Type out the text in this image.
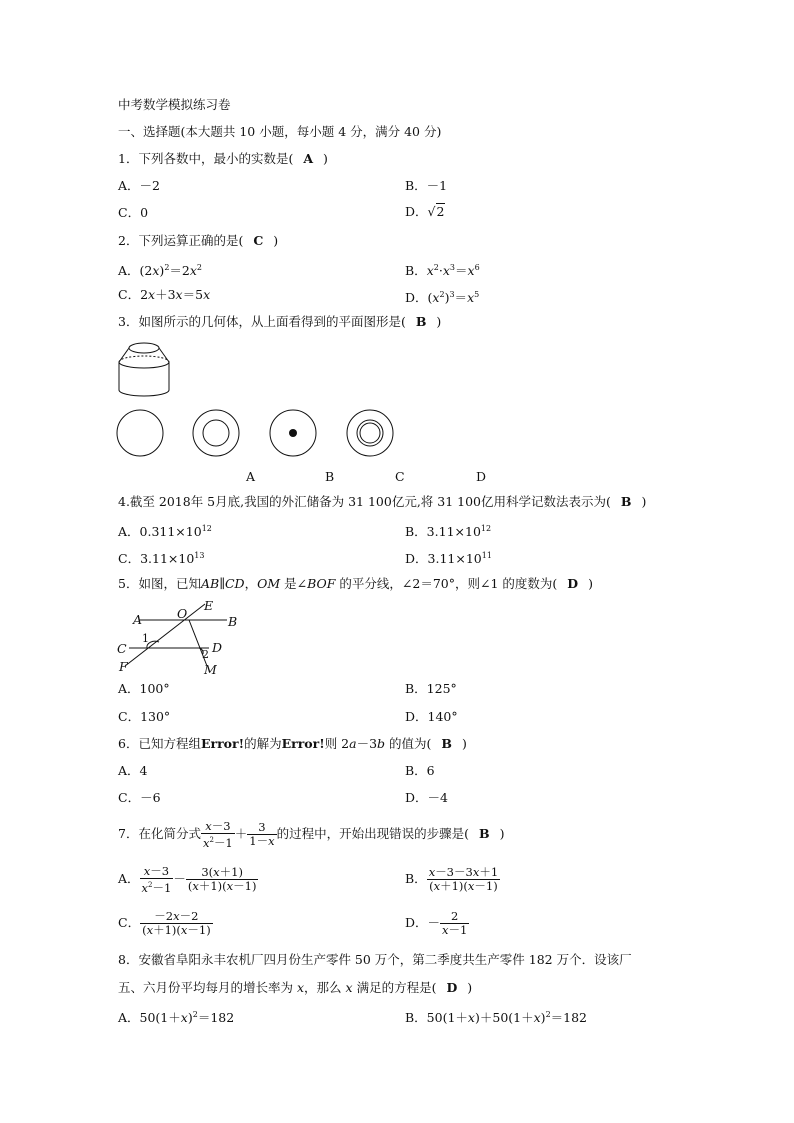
中考数学模拟练习卷
一、选择题(本大题共 10 小题，每小题 4 分，满分 40 分)
1．下列各数中，最小的实数是( A )
A．－2	B．－1
C．0	D．√2
2．下列运算正确的是( C )
A．$(2x)^2=2x^2$	B．$x^2\cdot x^3=x^6$
C．2x＋3x＝5x	D．$(x^2)^3=x^5$
3．如图所示的几何体，从上面看得到的平面图形是( B )
A	B	C	D
4.截至 2018年 5月底,我国的外汇储备为 31 100亿元,将 31 100亿用科学记数法表示为( B )
A．$0.311\times 10^{12}$	B．$3.11\times 10^{12}$
C．$3.11\times 10^{13}$	D．$3.11\times 10^{11}$
5．如图，已知AB∥CD，OM 是∠BOF 的平分线，∠2＝70°，则∠1 的度数为( D )
A	B
C	D
E
F
O
M
1
2
A．100°	B．125°
C．130°	D．140°
6．已知方程组Error!的解为Error!则 2a－3b 的值为( B )
A．4	B．6
C．－6	D．－4
7．在化简分式 $\frac{x-3}{x^2-1} + \frac{3}{1-x}$ 的过程中，开始出现错误的步骤是( B )
A． $\frac{x-3}{x^2-1} - \frac{3(x+1)}{(x+1)(x-1)}$	B． $\frac{x-3-3x+1}{(x+1)(x-1)}$
C． $\frac{-2x-2}{(x+1)(x-1)}$	D．－ $\frac{2}{x-1}$
8．安徽省阜阳永丰农机厂四月份生产零件 50 万个，第二季度共生产零件 182 万个．设该厂
五、六月份平均每月的增长率为 x，那么 x 满足的方程是( D )
A．$50(1+x)^2=182$	B．$50(1+x)+50(1+x)^2=182$
